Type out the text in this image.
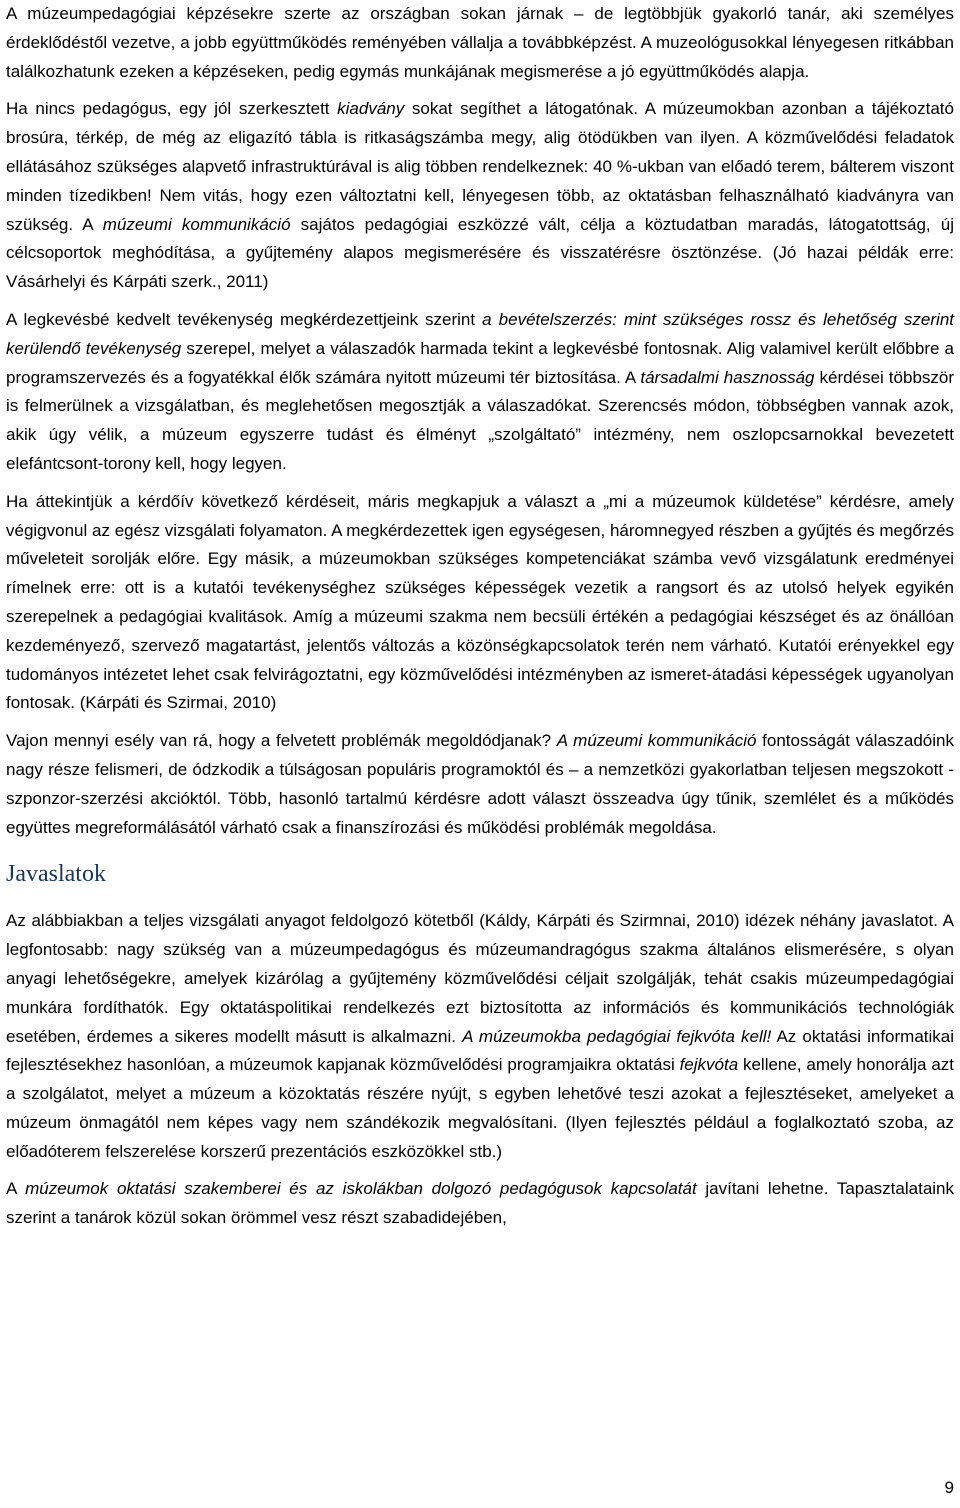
A múzeumpedagógiai képzésekre szerte az országban sokan járnak – de legtöbbjük gyakorló tanár, aki személyes érdeklődéstől vezetve, a jobb együttműködés reményében vállalja a továbbképzést. A muzeológusokkal lényegesen ritkábban találkozhatunk ezeken a képzéseken, pedig egymás munkájának megismerése a jó együttműködés alapja.

Ha nincs pedagógus, egy jól szerkesztett kiadvány sokat segíthet a látogatónak. A múzeumokban azonban a tájékoztató brosúra, térkép, de még az eligazító tábla is ritkaságszámba megy, alig ötödükben van ilyen. A közművelődési feladatok ellátásához szükséges alapvető infrastruktúrával is alig többen rendelkeznek: 40 %-ukban van előadó terem, bálterem viszont minden tízedikben! Nem vitás, hogy ezen változtatni kell, lényegesen több, az oktatásban felhasználható kiadványra van szükség. A múzeumi kommunikáció sajátos pedagógiai eszközzé vált, célja a köztudatban maradás, látogatottság, új célcsoportok meghódítása, a gyűjtemény alapos megismerésére és visszatérésre ösztönzése. (Jó hazai példák erre: Vásárhelyi és Kárpáti szerk., 2011)

A legkevésbé kedvelt tevékenység megkérdezettjeink szerint a bevételszerzés: mint szükséges rossz és lehetőség szerint kerülendő tevékenység szerepel, melyet a válaszadók harmada tekint a legkevésbé fontosnak. Alig valamivel került előbbre a programszervezés és a fogyatékkal élők számára nyitott múzeumi tér biztosítása. A társadalmi hasznosság kérdései többször is felmerülnek a vizsgálatban, és meglehetősen megosztják a válaszadókat. Szerencsés módon, többségben vannak azok, akik úgy vélik, a múzeum egyszerre tudást és élményt „szolgáltató” intézmény, nem oszlopcsarnokkal bevezetett elefántcsont-torony kell, hogy legyen.

Ha áttekintjük a kérdőív következő kérdéseit, máris megkapjuk a választ a „mi a múzeumok küldetése” kérdésre, amely végigvonul az egész vizsgálati folyamaton. A megkérdezettek igen egységesen, háromnegyed részben a gyűjtés és megőrzés műveleteit sorolják előre. Egy másik, a múzeumokban szükséges kompetenciákat számba vevő vizsgálatunk eredményei rímelnek erre: ott is a kutatói tevékenységhez szükséges képességek vezetik a rangsort és az utolsó helyek egyikén szerepelnek a pedagógiai kvalitások. Amíg a múzeumi szakma nem becsüli értékén a pedagógiai készséget és az önállóan kezdeményező, szervező magatartást, jelentős változás a közönségkapcsolatok terén nem várható. Kutatói erényekkel egy tudományos intézetet lehet csak felvirágoztatni, egy közművelődési intézményben az ismeret-átadási képességek ugyanolyan fontosak. (Kárpáti és Szirmai, 2010)

Vajon mennyi esély van rá, hogy a felvetett problémák megoldódjanak? A múzeumi kommunikáció fontosságát válaszadóink nagy része felismeri, de ódzkodik a túlságosan populáris programoktól és – a nemzetközi gyakorlatban teljesen megszokott - szponzor-szerzési akcióktól. Több, hasonló tartalmú kérdésre adott választ összeadva úgy tűnik, szemlélet és a működés együttes megreformálásától várható csak a finanszírozási és működési problémák megoldása.

Javaslatok

Az alábbiakban a teljes vizsgálati anyagot feldolgozó kötetből (Káldy, Kárpáti és Szirmnai, 2010) idézek néhány javaslatot. A legfontosabb: nagy szükség van a múzeumpedagógus és múzeumandragógus szakma általános elismerésére, s olyan anyagi lehetőségekre, amelyek kizárólag a gyűjtemény közművelődési céljait szolgálják, tehát csakis múzeumpedagógiai munkára fordíthatók. Egy oktatáspolitikai rendelkezés ezt biztosította az információs és kommunikációs technológiák esetében, érdemes a sikeres modellt másutt is alkalmazni. A múzeumokba pedagógiai fejkvóta kell! Az oktatási informatikai fejlesztésekhez hasonlóan, a múzeumok kapjanak közművelődési programjaikra oktatási fejkvóta kellene, amely honorálja azt a szolgálatot, melyet a múzeum a közoktatás részére nyújt, s egyben lehetővé teszi azokat a fejlesztéseket, amelyeket a múzeum önmagától nem képes vagy nem szándékozik megvalósítani. (Ilyen fejlesztés például a foglalkoztató szoba, az előadóterem felszerelése korszerű prezentációs eszközökkel stb.)

A múzeumok oktatási szakemberei és az iskolákban dolgozó pedagógusok kapcsolatát javítani lehetne. Tapasztalataink szerint a tanárok közül sokan örömmel vesz részt szabadidejében,

9
